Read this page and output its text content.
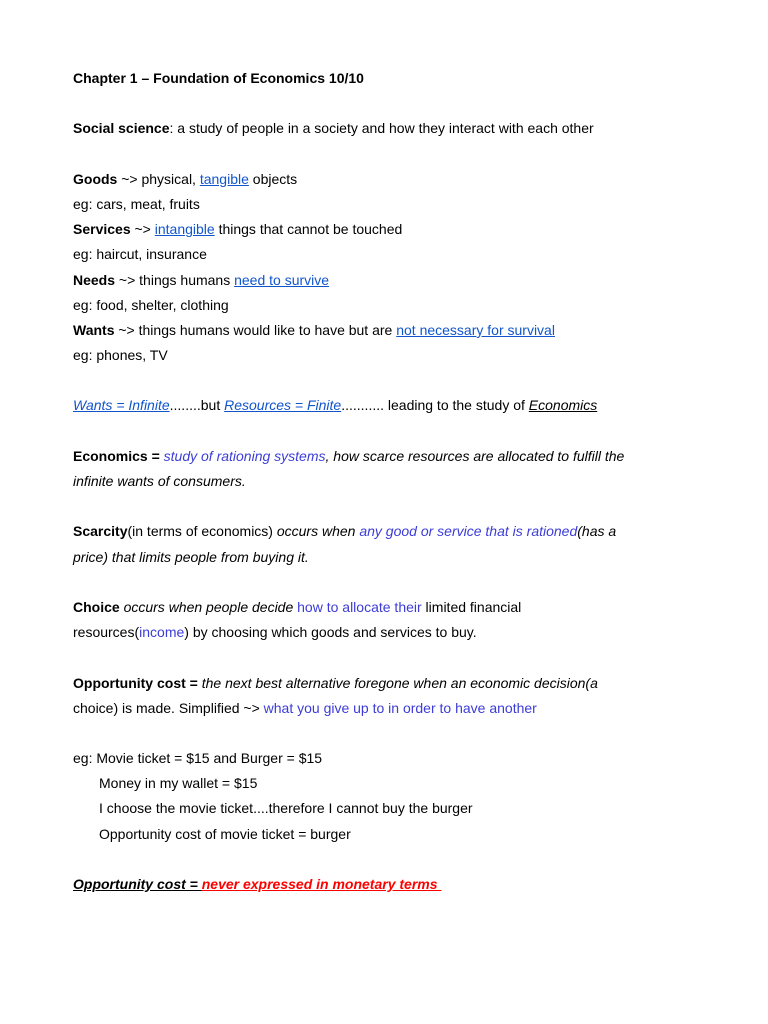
Chapter 1 – Foundation of Economics 10/10
Social science: a study of people in a society and how they interact with each other
Goods ~> physical, tangible objects
eg: cars, meat, fruits
Services ~> intangible things that cannot be touched
eg: haircut, insurance
Needs ~> things humans need to survive
eg: food, shelter, clothing
Wants ~> things humans would like to have but are not necessary for survival
eg: phones, TV
Wants = Infinite........but Resources = Finite........... leading to the study of Economics
Economics = study of rationing systems, how scarce resources are allocated to fulfill the
infinite wants of consumers.
Scarcity(in terms of economics) occurs when any good or service that is rationed(has a
price) that limits people from buying it.
Choice occurs when people decide how to allocate their limited financial
resources(income) by choosing which goods and services to buy.
Opportunity cost = the next best alternative foregone when an economic decision(a
choice) is made. Simplified ~> what you give up to in order to have another
eg: Movie ticket = $15 and Burger = $15
Money in my wallet = $15
I choose the movie ticket....therefore I cannot buy the burger
Opportunity cost of movie ticket = burger
Opportunity cost = never expressed in monetary terms
